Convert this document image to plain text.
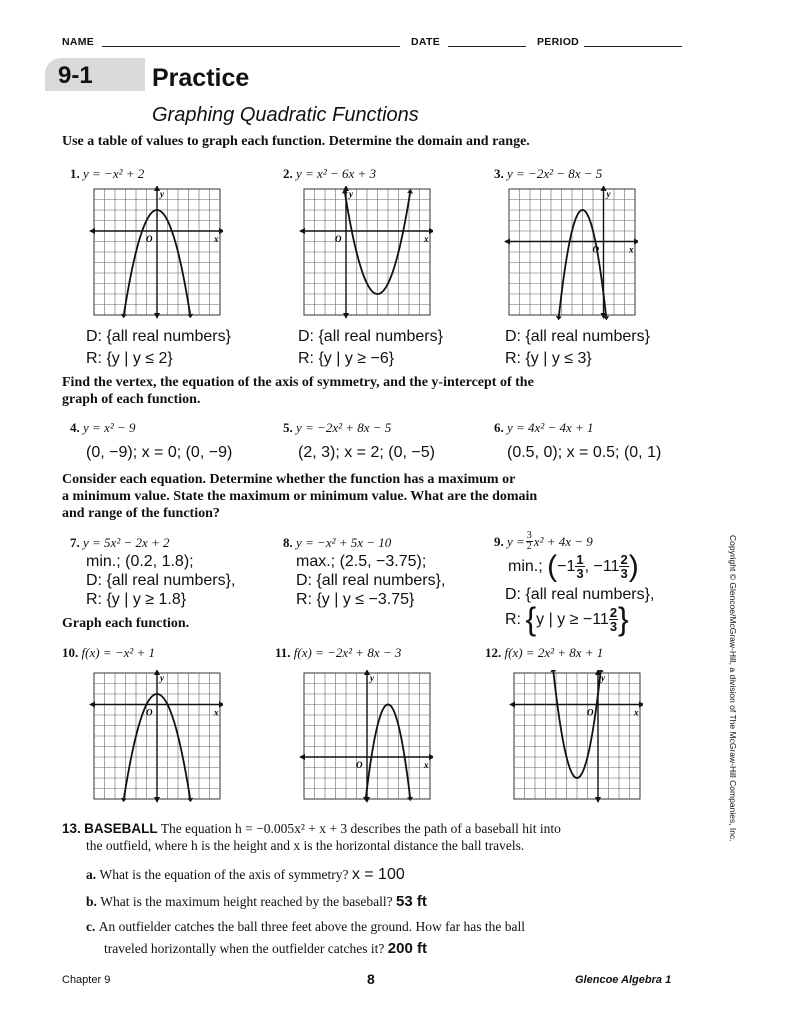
NAME	DATE	PERIOD
9-1 Practice
Graphing Quadratic Functions
Use a table of values to graph each function. Determine the domain and range.
1. y = −x² + 2	2. y = x² − 6x + 3	3. y = −2x² − 8x − 5
O	x
y
O	x
y
O	x
y
D: {all real numbers}
R: {y | y ≤ 2}
D: {all real numbers}
R: {y | y ≥ −6}
D: {all real numbers}
R: {y | y ≤ 3}
Find the vertex, the equation of the axis of symmetry, and the y-intercept of the
graph of each function.
4. y = x² − 9	5. y = −2x² + 8x − 5	6. y = 4x² − 4x + 1
(0, −9); x = 0; (0, −9)	(2, 3); x = 2; (0, −5)	(0.5, 0); x = 0.5; (0, 1)
Consider each equation. Determine whether the function has a maximum or
a minimum value. State the maximum or minimum value. What are the domain
and range of the function?
7. y = 5x² − 2x + 2
min.; (0.2, 1.8);
D: {all real numbers},
R: {y | y ≥ 1.8}
8. y = −x² + 5x − 10
max.; (2.5, −3.75);
D: {all real numbers},
R: {y | y ≤ −3.75}
9.
$y = \frac{3}{2} x^2 + 4x - 9$
min.;
( −1 1
3 , −11 2
3 )
D: {all real numbers},
R:
{ y | y ≥ −11 2
3 }
Graph each function.
10. f(x) = −x² + 1	11. f(x) = −2x² + 8x − 3	12. f(x) = 2x² + 8x + 1
O	x
y
O	x
y
O	x
y
13. BASEBALL The equation h = −0.005x² + x + 3 describes the path of a baseball hit into
the outfield, where h is the height and x is the horizontal distance the ball travels.
a.
What is the equation of the axis of symmetry?
x = 100
b.
What is the maximum height reached by the baseball?
53 ft
c. An outfielder catches the ball three feet above the ground. How far has the ball
traveled horizontally when the outfielder catches it?
200 ft
Copyright © Glencoe/McGraw-Hill, a division of The McGraw-Hill Companies, Inc.
Chapter 9	8	Glencoe Algebra 1
